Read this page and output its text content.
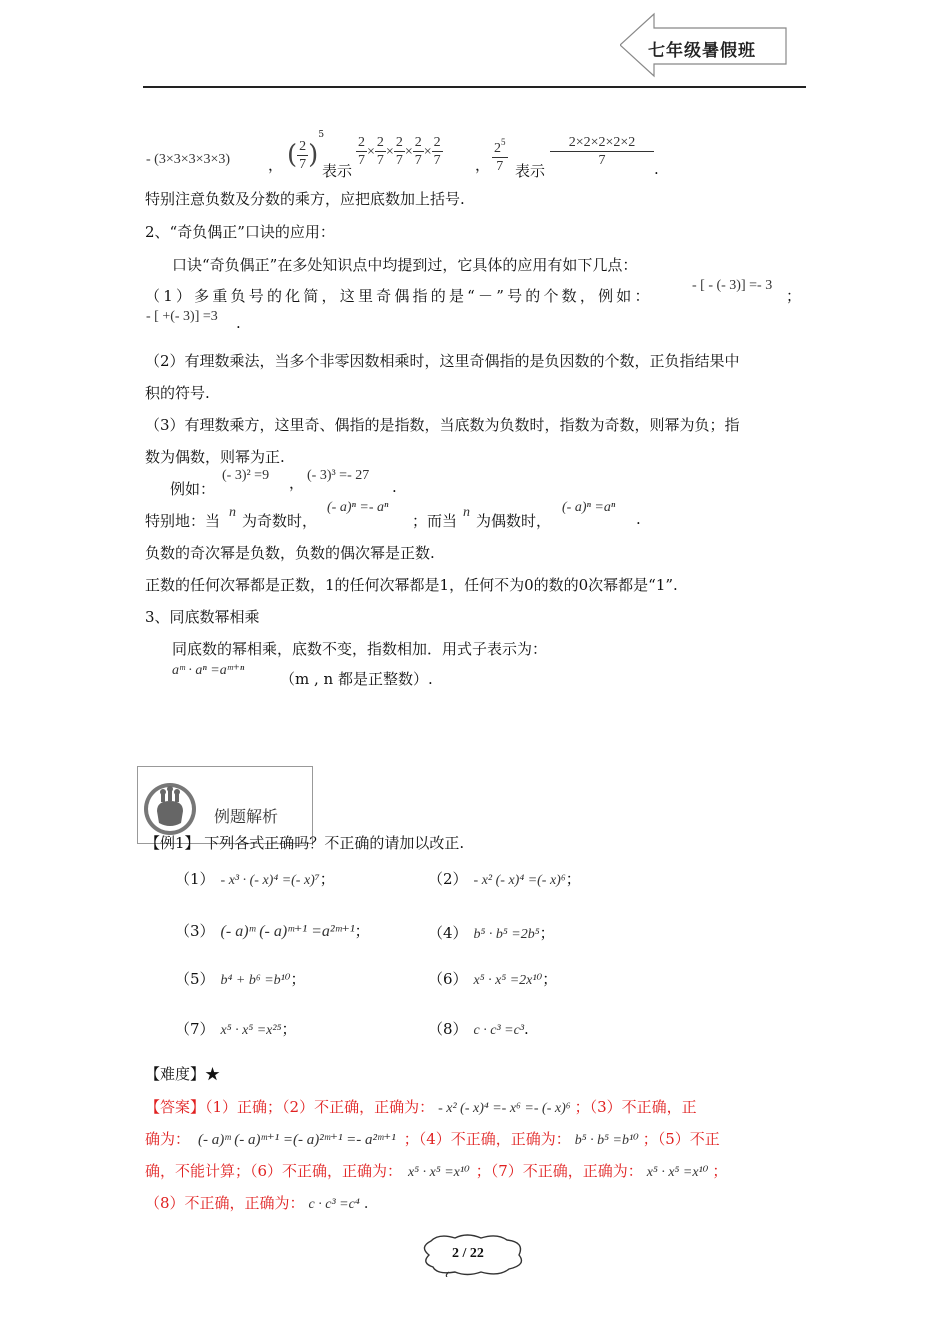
七年级暑假班
- (3×3×3×3×3)	， ( $\frac{2}{7} )^5$
表示
$\frac{2}{7} \times \frac{2}{7} \times \frac{2}{7} \times \frac{2}{7} \times \frac{2}{7}$ ， $\frac{2^5}{7}$ 表示
$\frac{2\times 2\times 2\times 2\times 2}{7}$ .
特别注意负数及分数的乘方，应把底数加上括号.
2、“奇负偶正”口诀的应用：
口诀“奇负偶正”在多处知识点中均提到过，它具体的应用有如下几点：
（1）多重负号的化简，这里奇偶指的是“－”号的个数，例如：
- [ - (- 3)] =- 3
；
- [ +(- 3)] =3 .
（2）有理数乘法，当多个非零因数相乘时，这里奇偶指的是负因数的个数，正负指结果中
积的符号.
（3）有理数乘方，这里奇、偶指的是指数，当底数为负数时，指数为奇数，则幂为负；指
数为偶数，则幂为正.
例如：
(- 3)² =9 ， (- 3)³ =- 27
.
特别地：当 n 为奇数时，
(- a)ⁿ =- aⁿ
；而当 n 为偶数时，
(- a)ⁿ =aⁿ
.
负数的奇次幂是负数，负数的偶次幂是正数.
正数的任何次幂都是正数，1的任何次幂都是1，任何不为0的数的0次幂都是“1”.
3、同底数幂相乘
同底数的幂相乘，底数不变，指数相加．用式子表示为：
aᵐ · aⁿ =aᵐ⁺ⁿ （m , n 都是正整数）.
例题解析
【例1】 下列各式正确吗？不正确的请加以改正.
（1） - x³ · (- x)⁴ =(- x)⁷；	（2） - x² (- x)⁴ =(- x)⁶；
（3） (- a)ᵐ (- a)ᵐ⁺¹ =a²ᵐ⁺¹；	（4） b⁵ · b⁵ =2b⁵；
（5） b⁴ + b⁶ =b¹⁰；	（6） x⁵ · x⁵ =2x¹⁰；
（7） x⁵ · x⁵ =x²⁵；	（8） c · c³ =c³.
【难度】★
【答案】（1）正确；（2）不正确，正确为： - x² (- x)⁴ =- x⁶ =- (- x)⁶ ；（3）不正确，正
确为： (- a)ᵐ (- a)ᵐ⁺¹ =(- a)²ᵐ⁺¹ =- a²ᵐ⁺¹ ；（4）不正确，正确为： b⁵ · b⁵ =b¹⁰ ；（5）不正
确，不能计算；（6）不正确，正确为： x⁵ · x⁵ =x¹⁰ ；（7）不正确，正确为： x⁵ · x⁵ =x¹⁰ ；
（8）不正确，正确为： c · c³ =c⁴ .
2 / 22
